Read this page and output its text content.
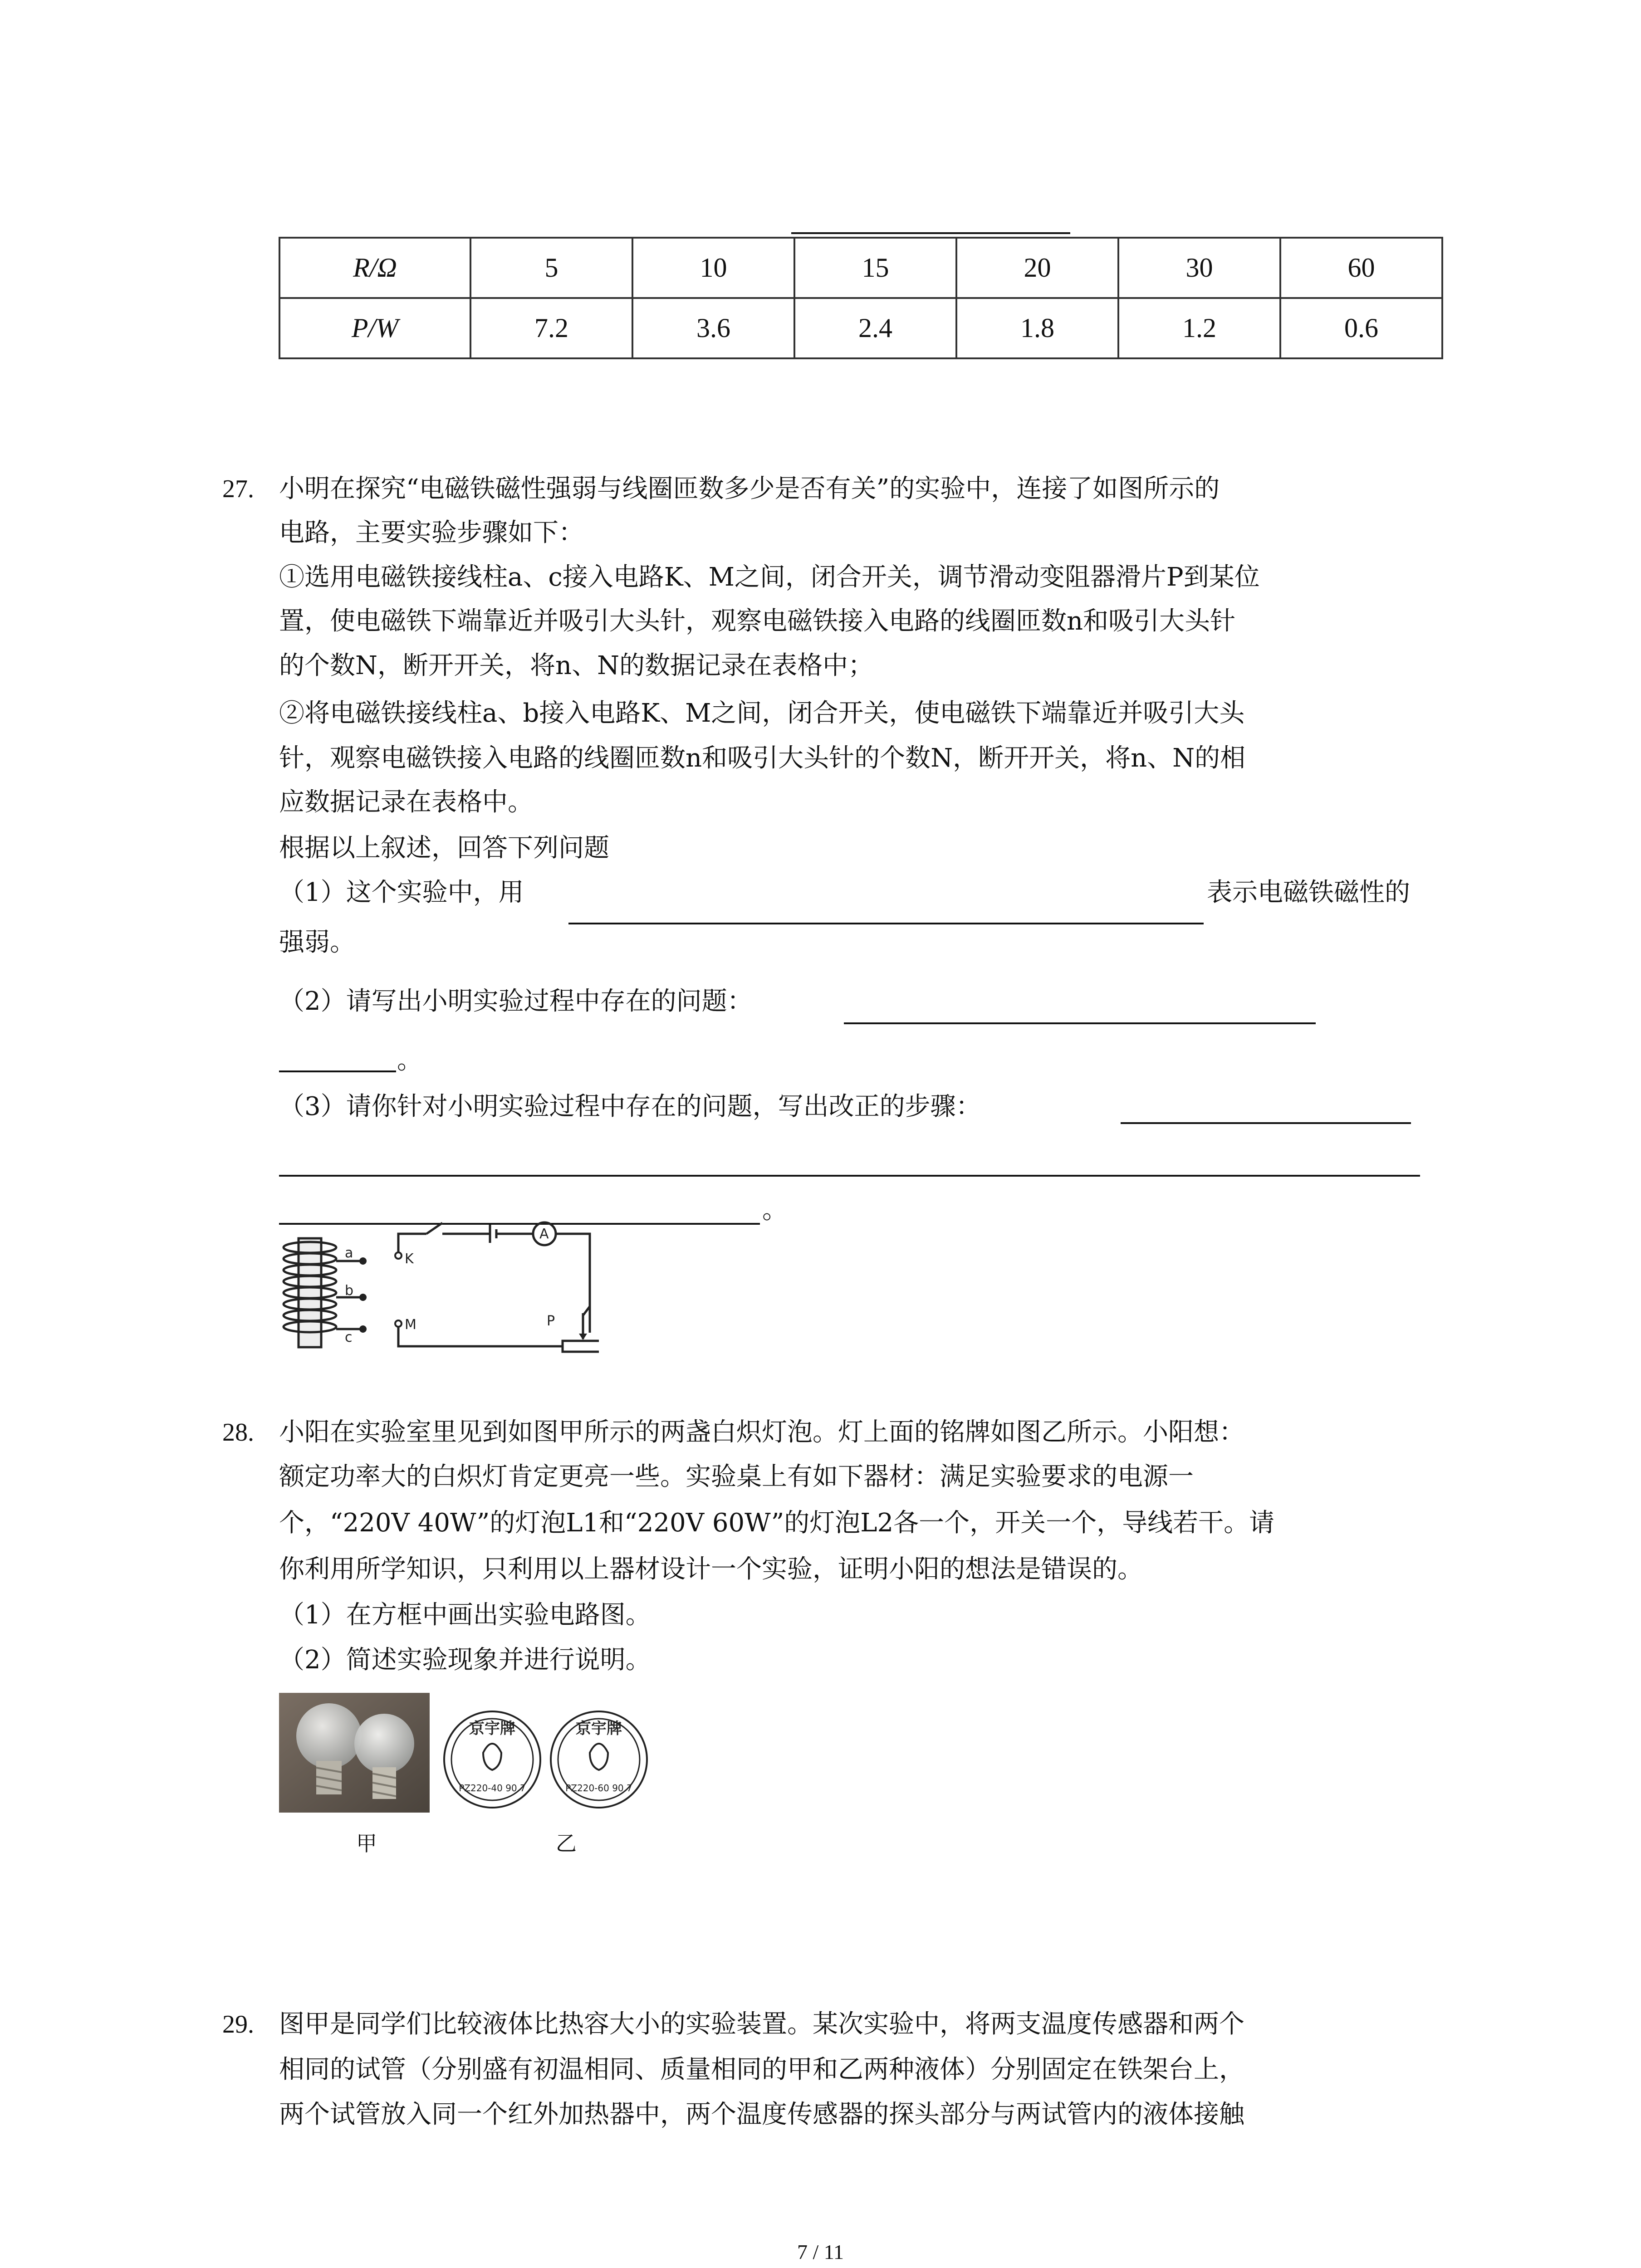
R/Ω	5	10	15	20	30	60
P/W	7.2	3.6	2.4	1.8	1.2	0.6
27. 小明在探究“电磁铁磁性强弱与线圈匝数多少是否有关”的实验中，连接了如图所示的
电路，主要实验步骤如下：
①选用电磁铁接线柱a、c接入电路K、M之间，闭合开关，调节滑动变阻器滑片P到某位
置，使电磁铁下端靠近并吸引大头针，观察电磁铁接入电路的线圈匝数n和吸引大头针
的个数N，断开开关，将n、N的数据记录在表格中；
②将电磁铁接线柱a、b接入电路K、M之间，闭合开关，使电磁铁下端靠近并吸引大头
针，观察电磁铁接入电路的线圈匝数n和吸引大头针的个数N，断开开关，将n、N的相
应数据记录在表格中。
根据以上叙述，回答下列问题
（1）这个实验中，用	表示电磁铁磁性的
强弱。
（2）请写出小明实验过程中存在的问题：
。
（3）请你针对小明实验过程中存在的问题，写出改正的步骤：
。
a
b
c
K
M	P
A
28. 小阳在实验室里见到如图甲所示的两盏白炽灯泡。灯上面的铭牌如图乙所示。小阳想：
额定功率大的白炽灯肯定更亮一些。实验桌上有如下器材：满足实验要求的电源一
个，“220V 40W”的灯泡L1和“220V 60W”的灯泡L2各一个，开关一个，导线若干。请
你利用所学知识，只利用以上器材设计一个实验，证明小阳的想法是错误的。
（1）在方框中画出实验电路图。
（2）简述实验现象并进行说明。
京宇牌
PZ220-40 90.7
京宇牌
PZ220-60 90.7
甲	乙
29. 图甲是同学们比较液体比热容大小的实验装置。某次实验中，将两支温度传感器和两个
相同的试管（分别盛有初温相同、质量相同的甲和乙两种液体）分别固定在铁架台上，
两个试管放入同一个红外加热器中，两个温度传感器的探头部分与两试管内的液体接触
7 / 11
